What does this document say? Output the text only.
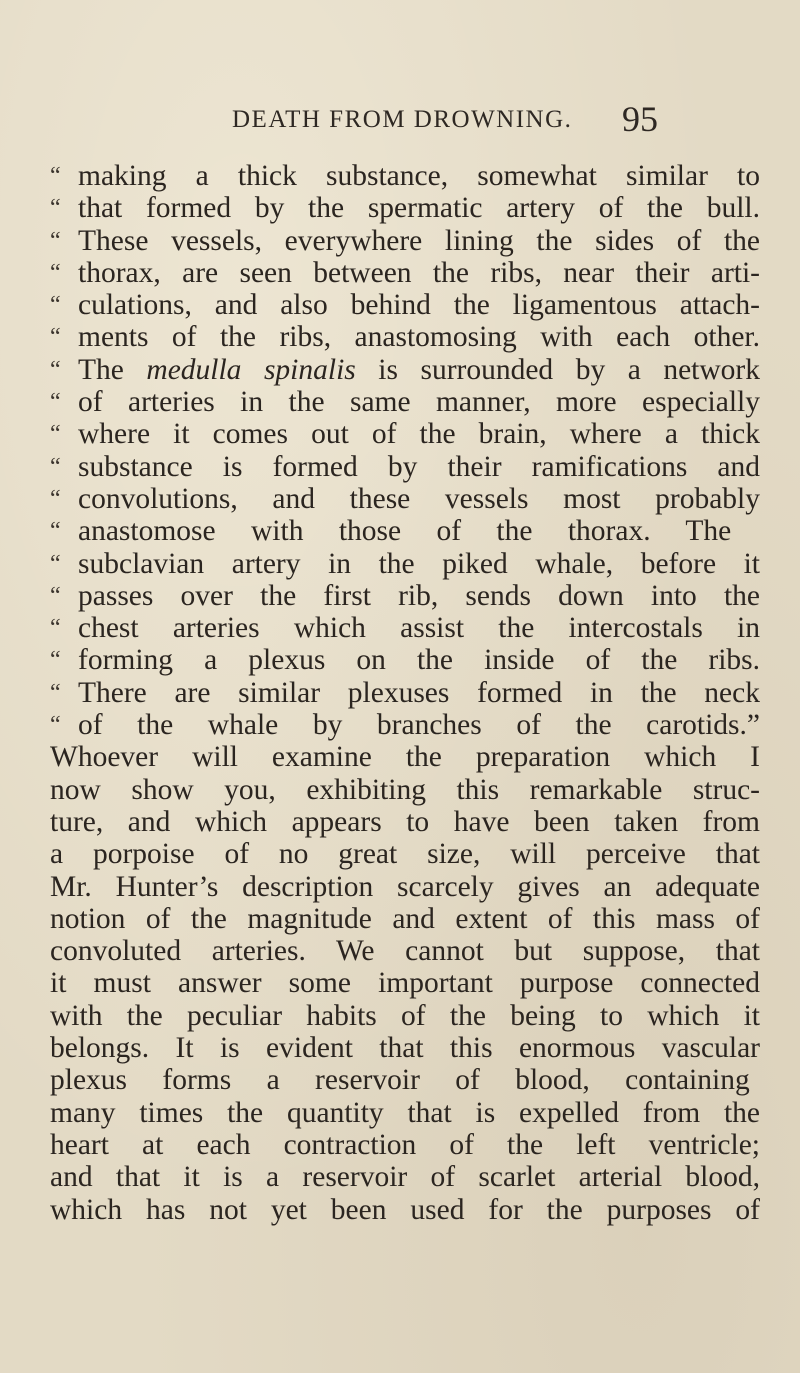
DEATH FROM DROWNING. 95
“ making a thick substance, somewhat similar to
“ that formed by the spermatic artery of the bull.
“ These vessels, everywhere lining the sides of the
“ thorax, are seen between the ribs, near their arti-
“ culations, and also behind the ligamentous attach-
“ ments of the ribs, anastomosing with each other.
“ The medulla spinalis is surrounded by a network
“ of arteries in the same manner, more especially
“ where it comes out of the brain, where a thick
“ substance is formed by their ramifications and
“ convolutions, and these vessels most probably
“ anastomose with those of the thorax. The
“ subclavian artery in the piked whale, before it
“ passes over the first rib, sends down into the
“ chest arteries which assist the intercostals in
“ forming a plexus on the inside of the ribs.
“ There are similar plexuses formed in the neck
“ of the whale by branches of the carotids.”
Whoever will examine the preparation which I
now show you, exhibiting this remarkable struc-
ture, and which appears to have been taken from
a porpoise of no great size, will perceive that
Mr. Hunter’s description scarcely gives an adequate
notion of the magnitude and extent of this mass of
convoluted arteries. We cannot but suppose, that
it must answer some important purpose connected
with the peculiar habits of the being to which it
belongs. It is evident that this enormous vascular
plexus forms a reservoir of blood, containing
many times the quantity that is expelled from the
heart at each contraction of the left ventricle;
and that it is a reservoir of scarlet arterial blood,
which has not yet been used for the purposes of
